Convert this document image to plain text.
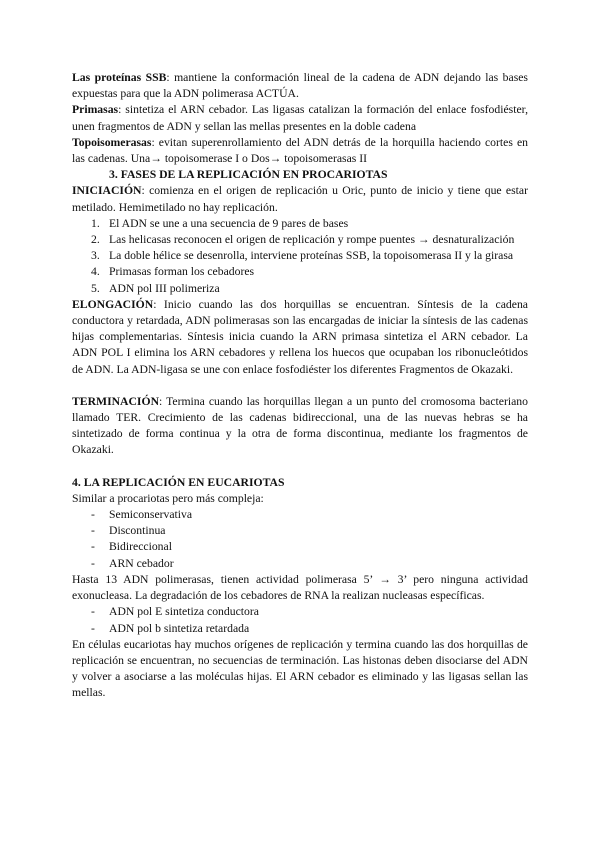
Las proteínas SSB: mantiene la conformación lineal de la cadena de ADN dejando las bases expuestas para que la ADN polimerasa ACTÚA.

Primasas: sintetiza el ARN cebador. Las ligasas catalizan la formación del enlace fosfodiéster, unen fragmentos de ADN y sellan las mellas presentes en la doble cadena

Topoisomerasas: evitan superenrollamiento del ADN detrás de la horquilla haciendo cortes en las cadenas. Una→ topoisomerase I o Dos→ topoisomerasas II

3. FASES DE LA REPLICACIÓN EN PROCARIOTAS

INICIACIÓN: comienza en el origen de replicación u Oric, punto de inicio y tiene que estar metilado. Hemimetilado no hay replicación.

1. El ADN se une a una secuencia de 9 pares de bases
2. Las helicasas reconocen el origen de replicación y rompe puentes → desnaturalización
3. La doble hélice se desenrolla, interviene proteínas SSB, la topoisomerasa II y la girasa
4. Primasas forman los cebadores
5. ADN pol III polimeriza

ELONGACIÓN: Inicio cuando las dos horquillas se encuentran. Síntesis de la cadena conductora y retardada, ADN polimerasas son las encargadas de iniciar la síntesis de las cadenas hijas complementarias. Síntesis inicia cuando la ARN primasa sintetiza el ARN cebador. La ADN POL I elimina los ARN cebadores y rellena los huecos que ocupaban los ribonucleótidos de ADN. La ADN-ligasa se une con enlace fosfodiéster los diferentes Fragmentos de Okazaki.

TERMINACIÓN: Termina cuando las horquillas llegan a un punto del cromosoma bacteriano llamado TER. Crecimiento de las cadenas bidireccional, una de las nuevas hebras se ha sintetizado de forma continua y la otra de forma discontinua, mediante los fragmentos de Okazaki.

4. LA REPLICACIÓN EN EUCARIOTAS

Similar a procariotas pero más compleja:

- Semiconservativa
- Discontinua
- Bidireccional
- ARN cebador

Hasta 13 ADN polimerasas, tienen actividad polimerasa 5’ → 3’ pero ninguna actividad exonucleasa. La degradación de los cebadores de RNA la realizan nucleasas específicas.

- ADN pol E sintetiza conductora
- ADN pol b sintetiza retardada

En células eucariotas hay muchos orígenes de replicación y termina cuando las dos horquillas de replicación se encuentran, no secuencias de terminación. Las histonas deben disociarse del ADN y volver a asociarse a las moléculas hijas. El ARN cebador es eliminado y las ligasas sellan las mellas.
